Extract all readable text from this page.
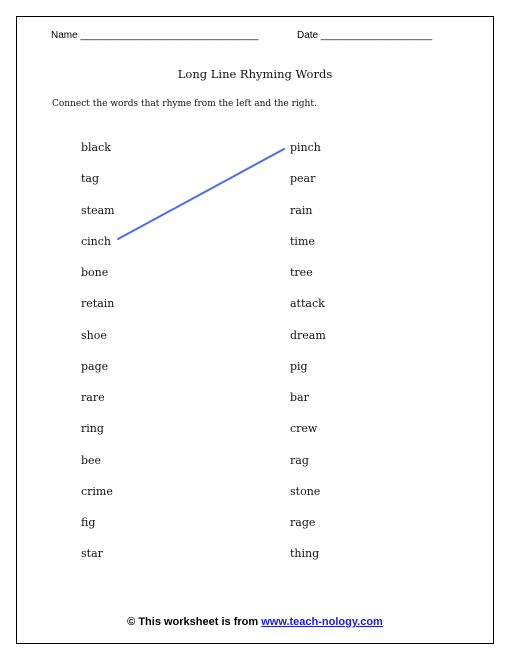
Name ________________________________	Date ____________________
Long Line Rhyming Words
Connect the words that rhyme from the left and the right.
black
tag
steam
cinch
bone
retain
shoe
page
rare
ring
bee
crime
fig
star
pinch
pear
rain
time
tree
attack
dream
pig
bar
crew
rag
stone
rage
thing
© This worksheet is from www.teach-nology.com
